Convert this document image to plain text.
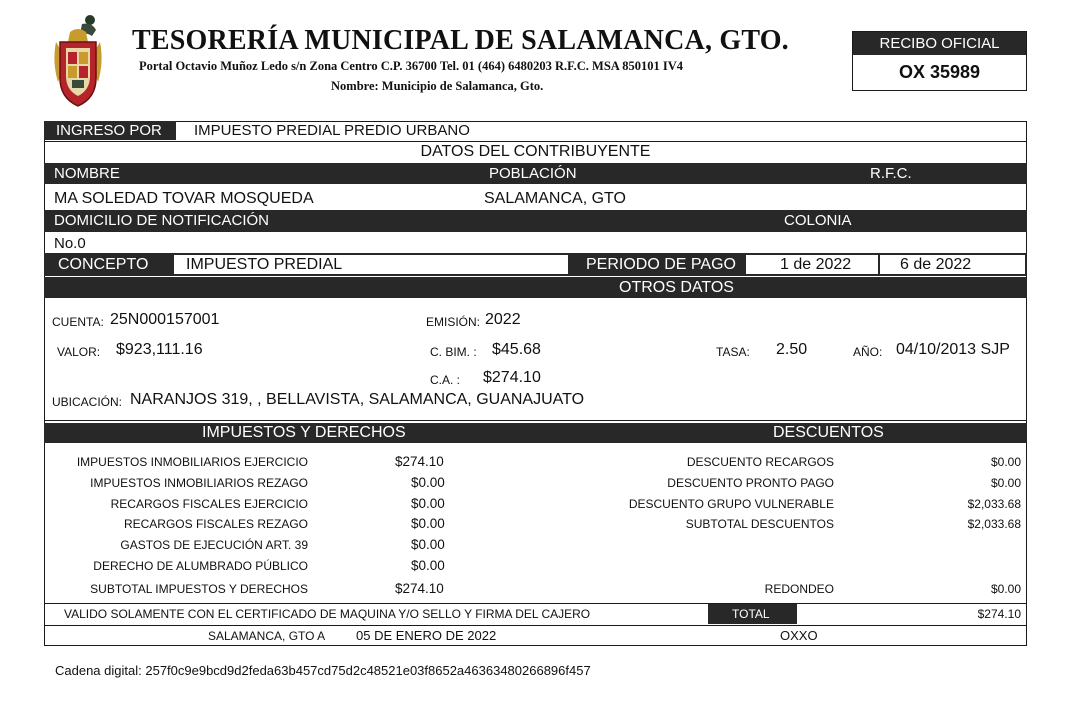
TESORERÍA MUNICIPAL DE SALAMANCA, GTO.
Portal Octavio Muñoz Ledo s/n Zona Centro C.P. 36700 Tel. 01 (464) 6480203 R.F.C. MSA 850101 IV4
Nombre: Municipio de Salamanca, Gto.
RECIBO OFICIAL
OX 35989
INGRESO POR	IMPUESTO PREDIAL PREDIO URBANO
DATOS DEL CONTRIBUYENTE
NOMBRE	POBLACIÓN	R.F.C.
MA SOLEDAD TOVAR MOSQUEDA	SALAMANCA, GTO
DOMICILIO DE NOTIFICACIÓN	COLONIA
No.0
CONCEPTO	IMPUESTO PREDIAL	PERIODO DE PAGO	1 de 2022	6 de 2022
OTROS DATOS
CUENTA: 25N000157001	EMISIÓN: 2022
VALOR: $923,111.16	C. BIM. : $45.68	TASA: 2.50	AÑO: 04/10/2013 SJP
C.A. : $274.10
UBICACIÓN: NARANJOS 319, , BELLAVISTA, SALAMANCA, GUANAJUATO
IMPUESTOS Y DERECHOS	DESCUENTOS
IMPUESTOS INMOBILIARIOS EJERCICIO	$274.10
IMPUESTOS INMOBILIARIOS REZAGO	$0.00
RECARGOS FISCALES EJERCICIO	$0.00
RECARGOS FISCALES REZAGO	$0.00
GASTOS DE EJECUCIÓN ART. 39	$0.00
DERECHO DE ALUMBRADO PÚBLICO	$0.00
SUBTOTAL IMPUESTOS Y DERECHOS	$274.10
DESCUENTO RECARGOS	$0.00
DESCUENTO PRONTO PAGO	$0.00
DESCUENTO GRUPO VULNERABLE	$2,033.68
SUBTOTAL DESCUENTOS	$2,033.68
REDONDEO	$0.00
VALIDO SOLAMENTE CON EL CERTIFICADO DE MAQUINA Y/O SELLO Y FIRMA DEL CAJERO	TOTAL	$274.10
SALAMANCA, GTO A 05 DE ENERO DE 2022	OXXO
Cadena digital: 257f0c9e9bcd9d2feda63b457cd75d2c48521e03f8652a46363480266896f457
